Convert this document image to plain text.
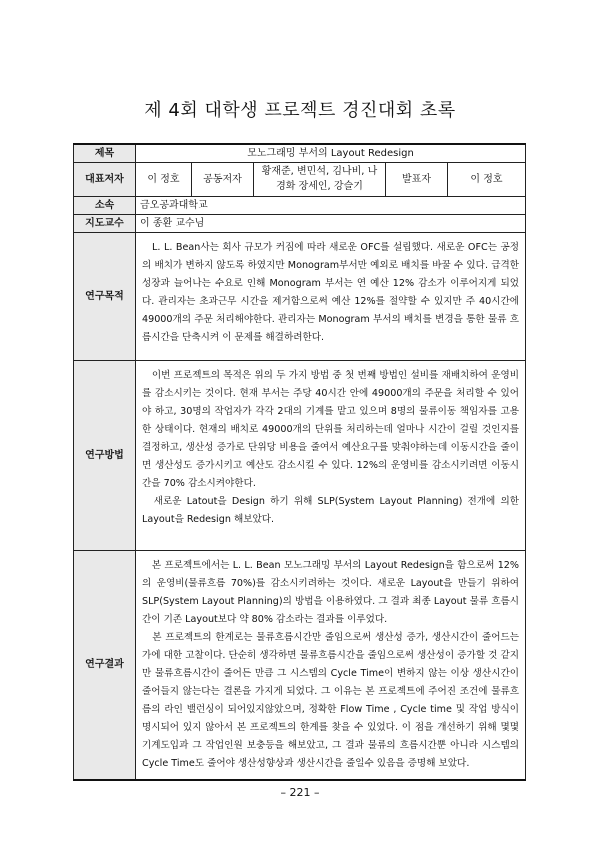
제 4회 대학생 프로젝트 경진대회 초록
제목	모노그래밍 부서의 Layout Redesign				
대표저자	이 정호	공동저자	황재준, 변민석, 김나비, 나경화 장세인, 강슬기	발표자	이 정호
소속	금오공과대학교				
지도교수	이 종환 교수님				
연구목적	　L. L. Bean사는 회사 규모가 커짐에 따라 새로운 OFC를 설립했다. 새로운 OFC는 공정의 배치가 변하지 않도록 하였지만 Monogram부서만 예외로 배치를 바꿀 수 있다. 급격한 성장과 늘어나는 수요로 인해 Monogram 부서는 연 예산 12% 감소가 이루어지게 되었다. 관리자는 초과근무 시간을 제거함으로써 예산 12%를 절약할 수 있지만 주 40시간에 49000개의 주문 처리해야한다. 관리자는 Monogram 부서의 배치를 변경을 통한 물류 흐름시간을 단축시켜 이 문제를 해결하려한다.				

연구방법	　이번 프로젝트의 목적은 위의 두 가지 방법 중 첫 번째 방법인 설비를 재배치하여 운영비를 감소시키는 것이다. 현재 부서는 주당 40시간 안에 49000개의 주문을 처리할 수 있어야 하고, 30명의 작업자가 각각 2대의 기계를 맡고 있으며 8명의 물류이동 책임자를 고용한 상태이다. 현재의 배치로 49000개의 단위를 처리하는데 얼마나 시간이 걸릴 것인지를 결정하고, 생산성 증가로 단위당 비용을 줄여서 예산요구를 맞춰야하는데 이동시간을 줄이면 생산성도 증가시키고 예산도 감소시킬 수 있다. 12%의 운영비를 감소시키려면 이동시간을 70% 감소시켜야한다.

　새로운 Latout을 Design 하기 위해 SLP(System Layout Planning) 전개에 의한 Layout을 Redesign 해보았다.				

연구결과	　본 프로젝트에서는 L. L. Bean 모노그래밍 부서의 Layout Redesign을 함으로써 12%의 운영비(물류흐름 70%)를 감소시키려하는 것이다. 새로운 Layout을 만들기 위하여 SLP(System Layout Planning)의 방법을 이용하였다. 그 결과 최종 Layout 물류 흐름시간이 기존 Layout보다 약 80% 감소라는 결과를 이루었다.

　본 프로젝트의 한계로는 물류흐름시간만 줄임으로써 생산성 증가, 생산시간이 줄어드는가에 대한 고찰이다. 단순히 생각하면 물류흐름시간을 줄임으로써 생산성이 증가할 것 같지만 물류흐름시간이 줄어든 만큼 그 시스템의 Cycle Time이 변하지 않는 이상 생산시간이 줄어들지 않는다는 결론을 가지게 되었다. 그 이유는 본 프로젝트에 주어진 조건에 물류흐름의 라인 밸런싱이 되어있지않았으며, 정확한 Flow Time , Cycle time 및 작업 방식이 명시되어 있지 않아서 본 프로젝트의 한계를 찾을 수 있었다. 이 점을 개선하기 위해 몇몇 기계도입과 그 작업인원 보충등을 해보았고, 그 결과 물류의 흐름시간뿐 아니라 시스템의 Cycle Time도 줄어야 생산성향상과 생산시간을 줄일수 있음을 증명해 보았다.				

– 221 –
